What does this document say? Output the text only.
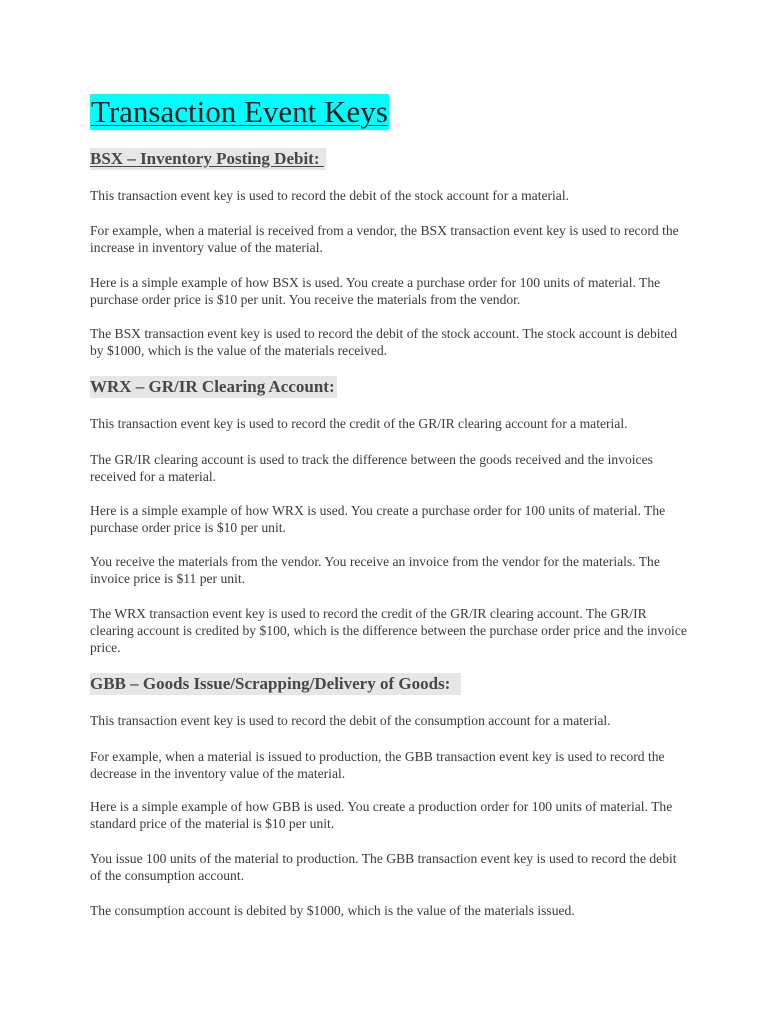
Transaction Event Keys
BSX – Inventory Posting Debit:

This transaction event key is used to record the debit of the stock account for a material.

For example, when a material is received from a vendor, the BSX transaction event key is used to record the increase in inventory value of the material.

Here is a simple example of how BSX is used. You create a purchase order for 100 units of material. The purchase order price is $10 per unit. You receive the materials from the vendor.

The BSX transaction event key is used to record the debit of the stock account. The stock account is debited by $1000, which is the value of the materials received.

WRX – GR/IR Clearing Account:

This transaction event key is used to record the credit of the GR/IR clearing account for a material.

The GR/IR clearing account is used to track the difference between the goods received and the invoices received for a material.

Here is a simple example of how WRX is used. You create a purchase order for 100 units of material. The purchase order price is $10 per unit.

You receive the materials from the vendor. You receive an invoice from the vendor for the materials. The invoice price is $11 per unit.

The WRX transaction event key is used to record the credit of the GR/IR clearing account. The GR/IR clearing account is credited by $100, which is the difference between the purchase order price and the invoice price.

GBB – Goods Issue/Scrapping/Delivery of Goods:

This transaction event key is used to record the debit of the consumption account for a material.

For example, when a material is issued to production, the GBB transaction event key is used to record the decrease in the inventory value of the material.

Here is a simple example of how GBB is used. You create a production order for 100 units of material. The standard price of the material is $10 per unit.

You issue 100 units of the material to production. The GBB transaction event key is used to record the debit of the consumption account.

The consumption account is debited by $1000, which is the value of the materials issued.
